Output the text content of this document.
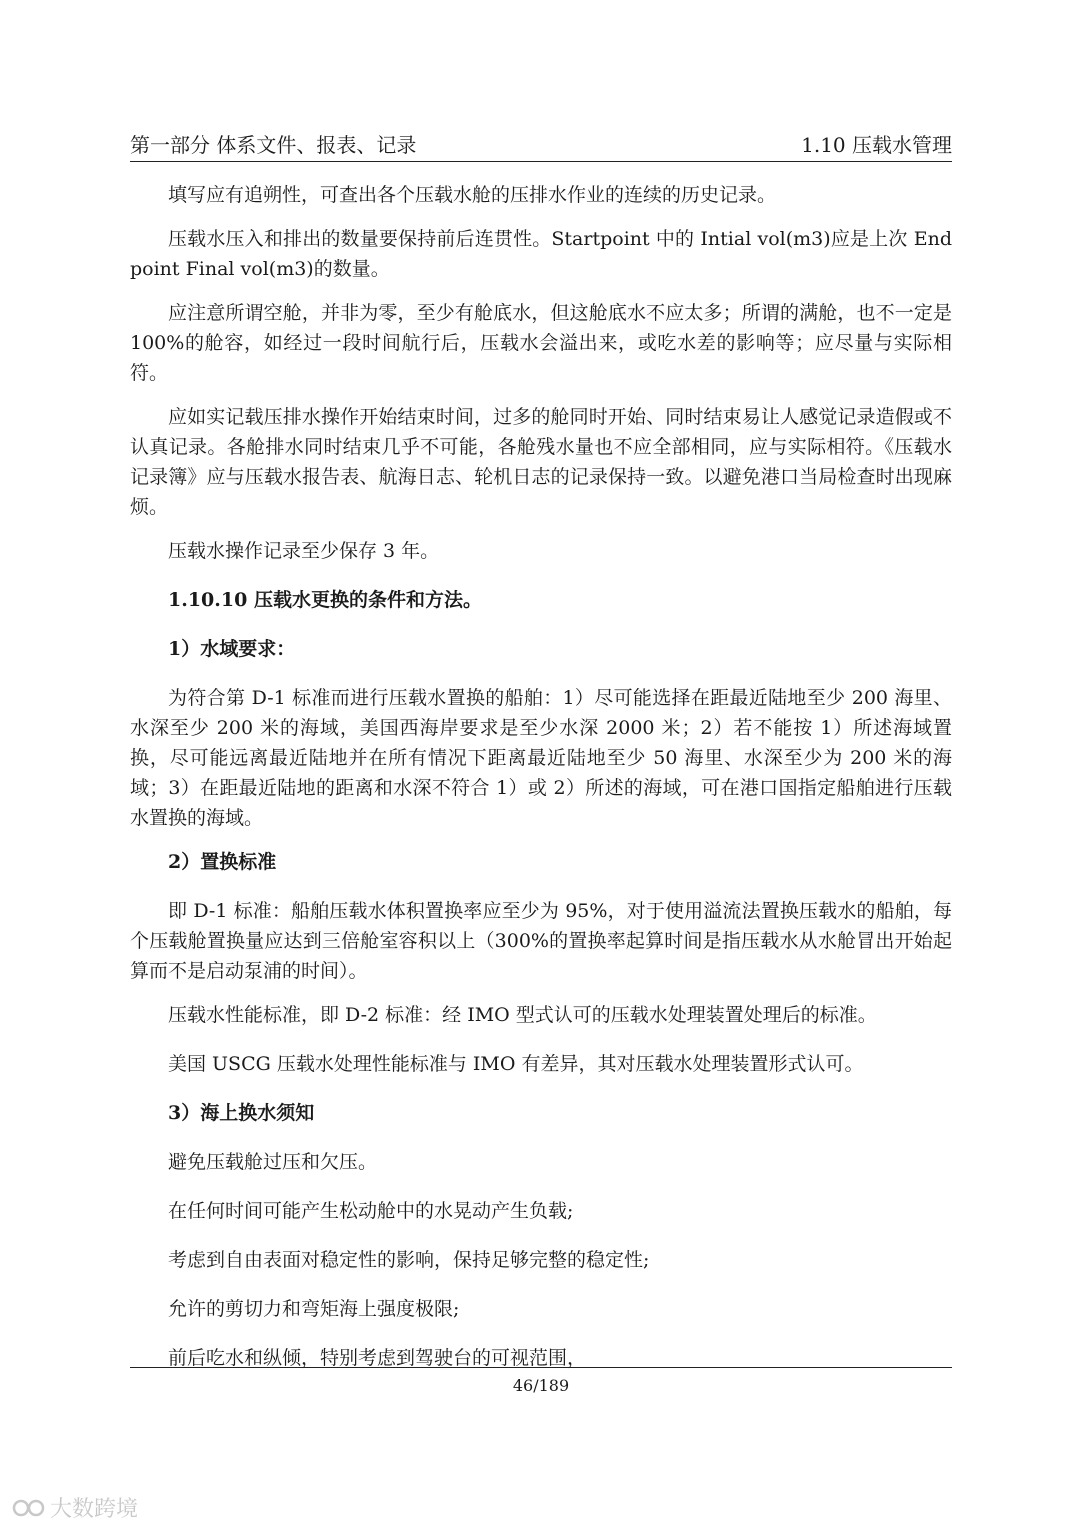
第一部分 体系文件、报表、记录	1.10 压载水管理

填写应有追朔性，可查出各个压载水舱的压排水作业的连续的历史记录。

压载水压入和排出的数量要保持前后连贯性。Startpoint 中的 Intial vol(m3)应是上次 End point Final vol(m3)的数量。

应注意所谓空舱，并非为零，至少有舱底水，但这舱底水不应太多；所谓的满舱，也不一定是 100%的舱容，如经过一段时间航行后，压载水会溢出来，或吃水差的影响等；应尽量与实际相符。

应如实记载压排水操作开始结束时间，过多的舱同时开始、同时结束易让人感觉记录造假或不认真记录。各舱排水同时结束几乎不可能，各舱残水量也不应全部相同，应与实际相符。《压载水记录簿》应与压载水报告表、航海日志、轮机日志的记录保持一致。以避免港口当局检查时出现麻烦。

压载水操作记录至少保存 3 年。

1.10.10 压载水更换的条件和方法。

1）水域要求：

为符合第 D-1 标准而进行压载水置换的船舶：1）尽可能选择在距最近陆地至少 200 海里、水深至少 200 米的海域，美国西海岸要求是至少水深 2000 米；2）若不能按 1）所述海域置换，尽可能远离最近陆地并在所有情况下距离最近陆地至少 50 海里、水深至少为 200 米的海域；3）在距最近陆地的距离和水深不符合 1）或 2）所述的海域，可在港口国指定船舶进行压载水置换的海域。

2）置换标准

即 D-1 标准：船舶压载水体积置换率应至少为 95%，对于使用溢流法置换压载水的船舶，每个压载舱置换量应达到三倍舱室容积以上（300%的置换率起算时间是指压载水从水舱冒出开始起算而不是启动泵浦的时间）。

压载水性能标准，即 D-2 标准：经 IMO 型式认可的压载水处理装置处理后的标准。

美国 USCG 压载水处理性能标准与 IMO 有差异，其对压载水处理装置形式认可。

3）海上换水须知

避免压载舱过压和欠压。

在任何时间可能产生松动舱中的水晃动产生负载;

考虑到自由表面对稳定性的影响，保持足够完整的稳定性;

允许的剪切力和弯矩海上强度极限;

前后吃水和纵倾，特别考虑到驾驶台的可视范围，

46/189
大数跨境
